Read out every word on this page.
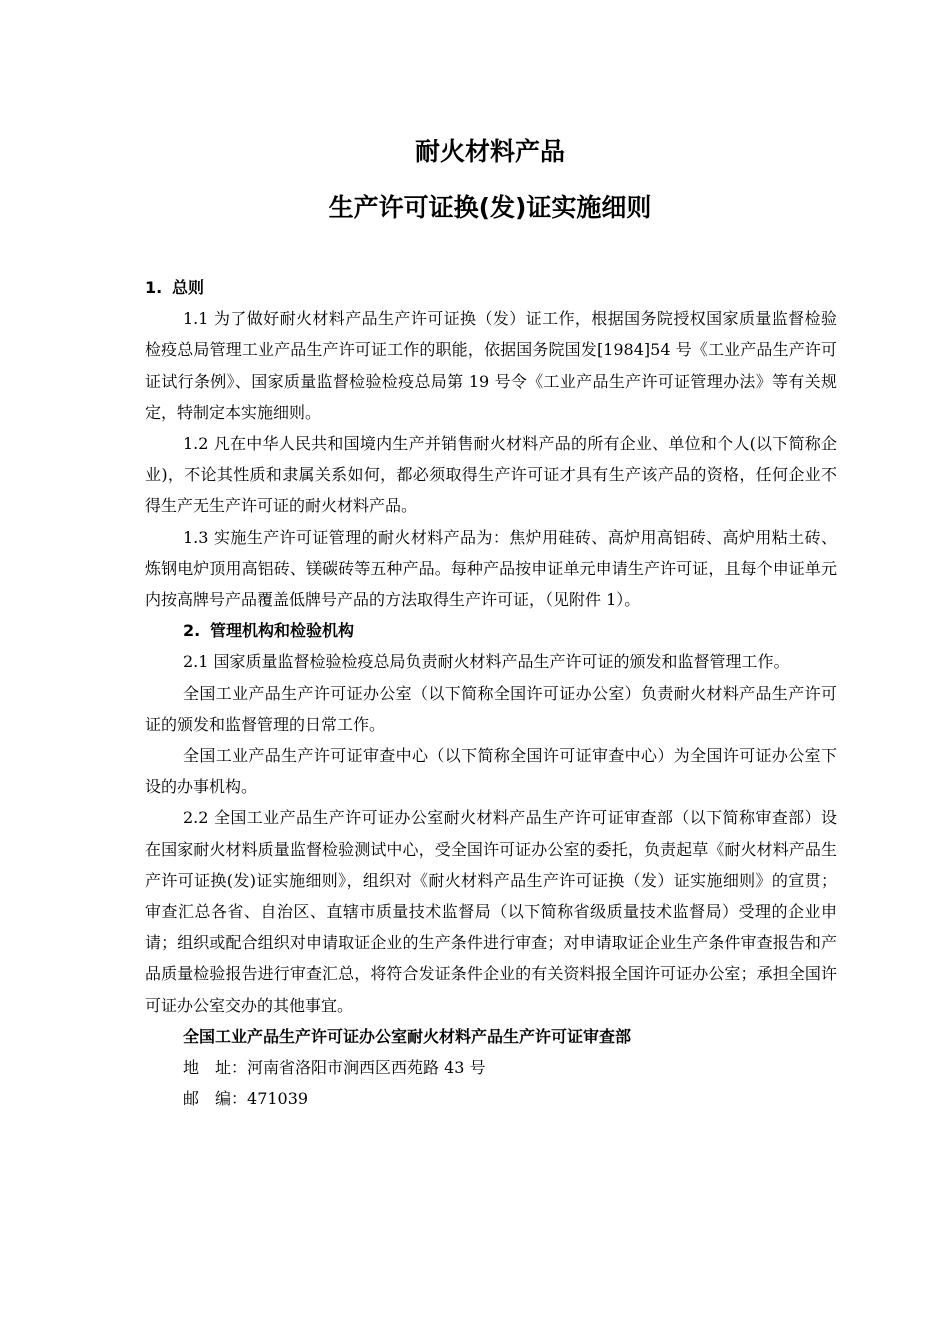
耐火材料产品
生产许可证换(发)证实施细则

1. 总则

1.1 为了做好耐火材料产品生产许可证换（发）证工作，根据国务院授权国家质量监督检验检疫总局管理工业产品生产许可证工作的职能，依据国务院国发[1984]54 号《工业产品生产许可证试行条例》、国家质量监督检验检疫总局第 19 号令《工业产品生产许可证管理办法》等有关规定，特制定本实施细则。

1.2 凡在中华人民共和国境内生产并销售耐火材料产品的所有企业、单位和个人(以下简称企业)，不论其性质和隶属关系如何，都必须取得生产许可证才具有生产该产品的资格，任何企业不得生产无生产许可证的耐火材料产品。

1.3 实施生产许可证管理的耐火材料产品为：焦炉用硅砖、高炉用高铝砖、高炉用粘土砖、炼钢电炉顶用高铝砖、镁碳砖等五种产品。每种产品按申证单元申请生产许可证，且每个申证单元内按高牌号产品覆盖低牌号产品的方法取得生产许可证，（见附件 1）。

2. 管理机构和检验机构

2.1 国家质量监督检验检疫总局负责耐火材料产品生产许可证的颁发和监督管理工作。

全国工业产品生产许可证办公室（以下简称全国许可证办公室）负责耐火材料产品生产许可证的颁发和监督管理的日常工作。

全国工业产品生产许可证审查中心（以下简称全国许可证审查中心）为全国许可证办公室下设的办事机构。

2.2 全国工业产品生产许可证办公室耐火材料产品生产许可证审查部（以下简称审查部）设在国家耐火材料质量监督检验测试中心，受全国许可证办公室的委托，负责起草《耐火材料产品生产许可证换(发)证实施细则》，组织对《耐火材料产品生产许可证换（发）证实施细则》的宣贯；审查汇总各省、自治区、直辖市质量技术监督局（以下简称省级质量技术监督局）受理的企业申请；组织或配合组织对申请取证企业的生产条件进行审查；对申请取证企业生产条件审查报告和产品质量检验报告进行审查汇总，将符合发证条件企业的有关资料报全国许可证办公室；承担全国许可证办公室交办的其他事宜。

全国工业产品生产许可证办公室耐火材料产品生产许可证审查部

地　址：河南省洛阳市涧西区西苑路 43 号

邮　编：471039
